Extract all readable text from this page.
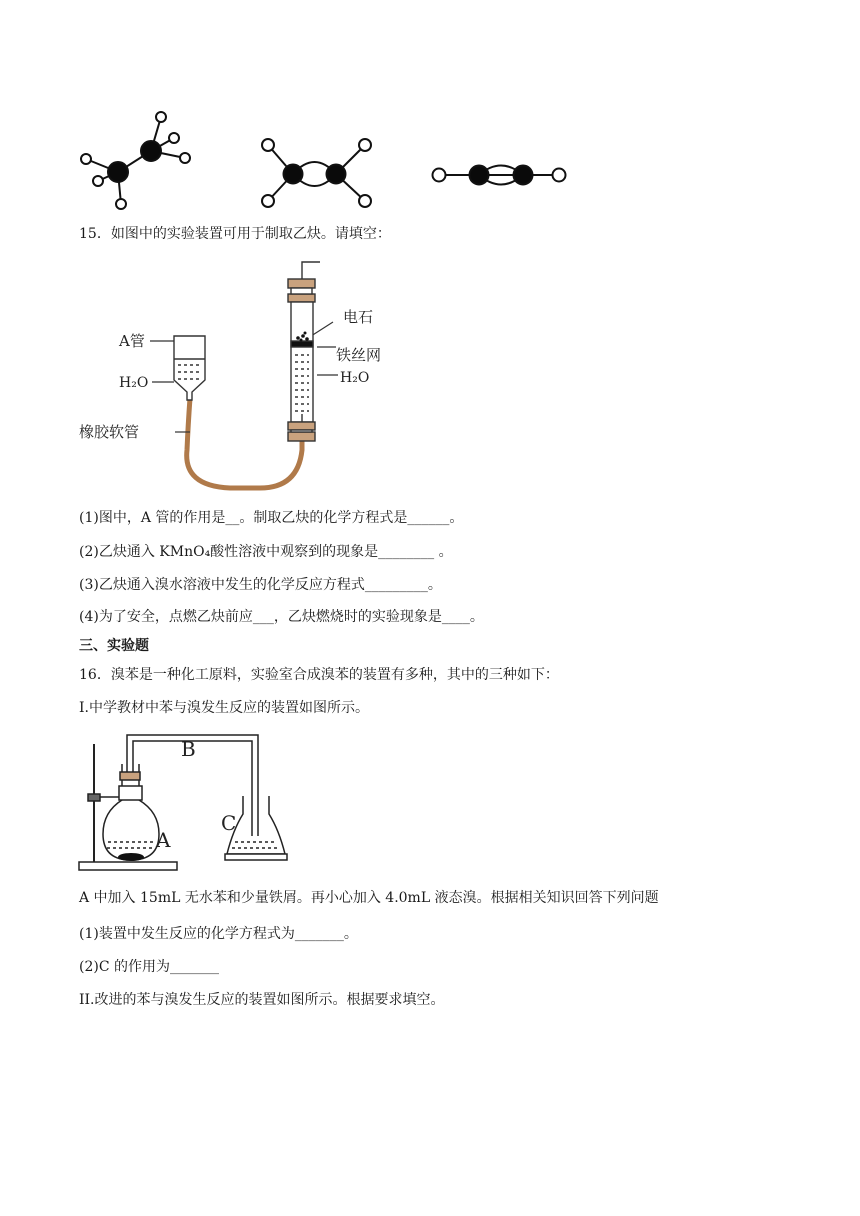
15．如图中的实验装置可用于制取乙炔。请填空：
A管
H₂O
橡胶软管
电石
铁丝网
H₂O
(1)图中，A 管的作用是__。制取乙炔的化学方程式是______。
(2)乙炔通入 KMnO₄酸性溶液中观察到的现象是________ 。
(3)乙炔通入溴水溶液中发生的化学反应方程式_________。
(4)为了安全，点燃乙炔前应___，乙炔燃烧时的实验现象是____。
三、实验题
16．溴苯是一种化工原料，实验室合成溴苯的装置有多种，其中的三种如下：
I.中学教材中苯与溴发生反应的装置如图所示。
B
A
C
A 中加入 15mL 无水苯和少量铁屑。再小心加入 4.0mL 液态溴。根据相关知识回答下列问题
(1)装置中发生反应的化学方程式为_______。
(2)C 的作用为_______
II.改进的苯与溴发生反应的装置如图所示。根据要求填空。
